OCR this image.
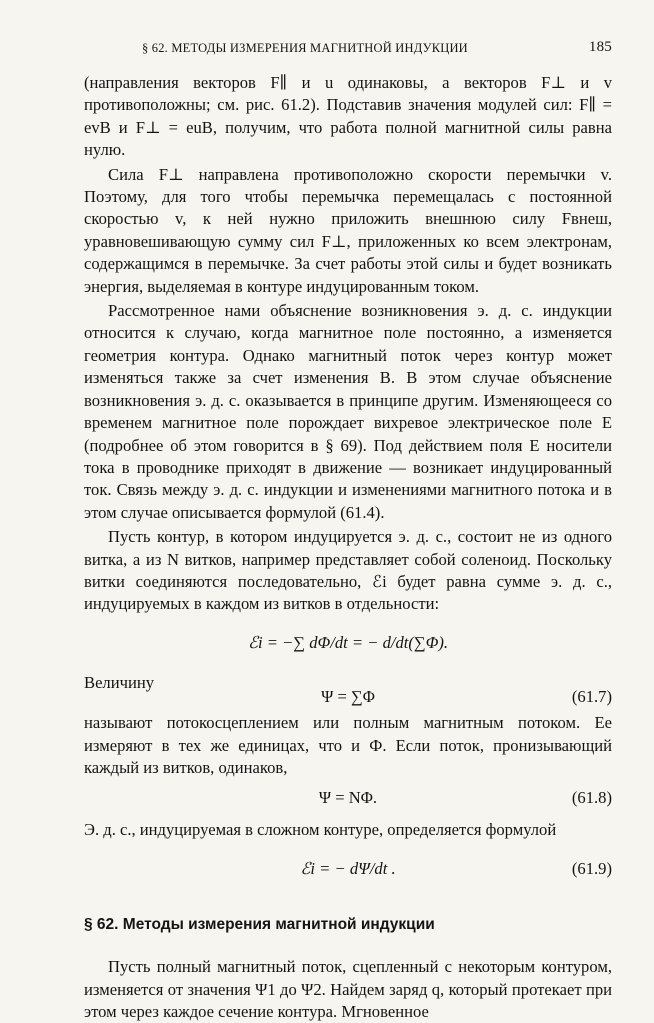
§ 62. МЕТОДЫ ИЗМЕРЕНИЯ МАГНИТНОЙ ИНДУКЦИИ	185

(направления векторов F∥ и u одинаковы, а векторов F⊥ и v противоположны; см. рис. 61.2). Подставив значения модулей сил: F∥ = evB и F⊥ = euB, получим, что работа полной магнитной силы равна нулю.

Сила F⊥ направлена противоположно скорости перемычки v. Поэтому, для того чтобы перемычка перемещалась с постоянной скоростью v, к ней нужно приложить внешнюю силу Fвнеш, уравновешивающую сумму сил F⊥, приложенных ко всем электронам, содержащимся в перемычке. За счет работы этой силы и будет возникать энергия, выделяемая в контуре индуцированным током.

Рассмотренное нами объяснение возникновения э. д. с. индукции относится к случаю, когда магнитное поле постоянно, а изменяется геометрия контура. Однако магнитный поток через контур может изменяться также за счет изменения B. В этом случае объяснение возникновения э. д. с. оказывается в принципе другим. Изменяющееся со временем магнитное поле порождает вихревое электрическое поле E (подробнее об этом говорится в § 69). Под действием поля E носители тока в проводнике приходят в движение — возникает индуцированный ток. Связь между э. д. с. индукции и изменениями магнитного потока и в этом случае описывается формулой (61.4).

Пусть контур, в котором индуцируется э. д. с., состоит не из одного витка, а из N витков, например представляет собой соленоид. Поскольку витки соединяются последовательно, ℰi будет равна сумме э. д. с., индуцируемых в каждом из витков в отдельности:

ℰi = −∑ dΦ/dt = − d/dt(∑Φ).

Величину

Ψ = ∑Φ	(61.7)

называют потокосцеплением или полным магнитным потоком. Ее измеряют в тех же единицах, что и Ф. Если поток, пронизывающий каждый из витков, одинаков,

Ψ = NΦ.	(61.8)

Э. д. с., индуцируемая в сложном контуре, определяется формулой

ℰi = − dΨ/dt .	(61.9)

§ 62. Методы измерения магнитной индукции

Пусть полный магнитный поток, сцепленный с некоторым контуром, изменяется от значения Ψ1 до Ψ2. Найдем заряд q, который протекает при этом через каждое сечение контура. Мгновенное
